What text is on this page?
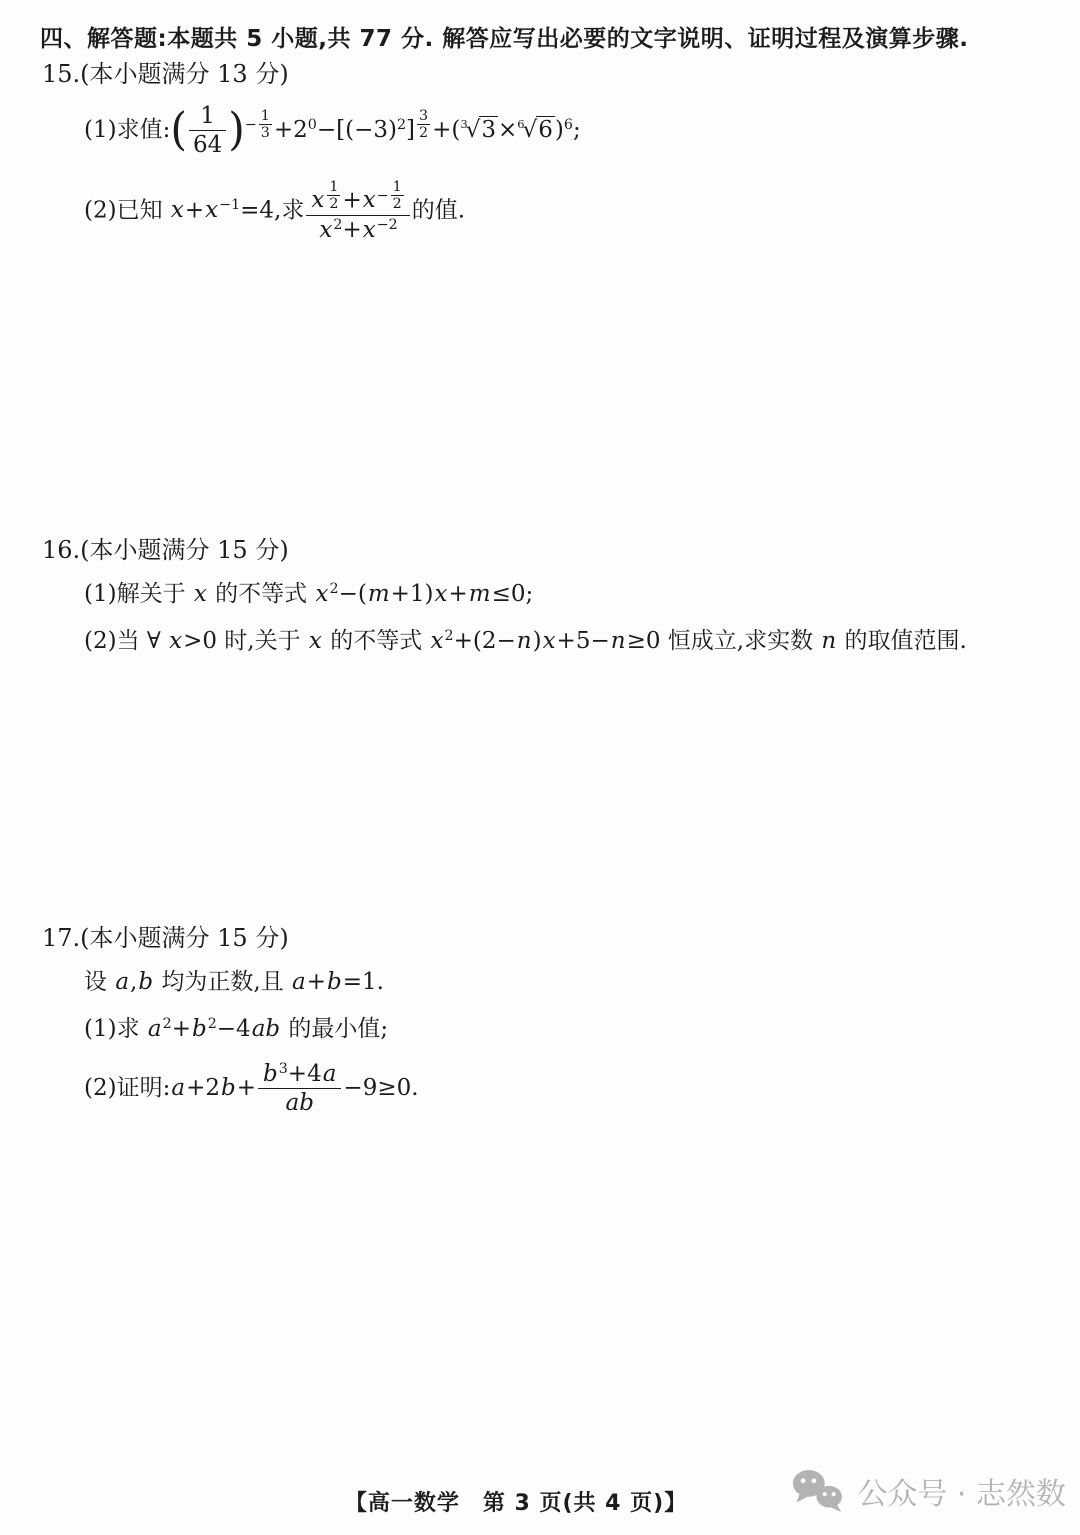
四、解答题:本题共 5 小题,共 77 分. 解答应写出必要的文字说明、证明过程及演算步骤.
15.(本小题满分 13 分)
(1)求值:( $\frac{1}{64}$ )− $\frac{1}{3} +20-[(-3)2] \frac{3}{2} +(3√3\times 6√6)6$;
(2)已知 x+x−1=4,求 $\frac{x \frac{1}{2} +x- \frac{1}{2}}{x2+x-2}$ 的值.
16.(本小题满分 15 分)
(1)解关于 x 的不等式 x2−(m+1)x+m≤0;
(2)当 ∀ x>0 时,关于 x 的不等式 x2+(2−n)x+5−n≥0 恒成立,求实数 n 的取值范围.
17.(本小题满分 15 分)
设 a,b 均为正数,且 a+b=1.
(1)求 a2+b2−4ab 的最小值;
(2)证明:a+2b+ $\frac{b3+4a}{ab} -9\ge 0$.
【高一数学　第 3 页(共 4 页)】	公众号 · 志然数
